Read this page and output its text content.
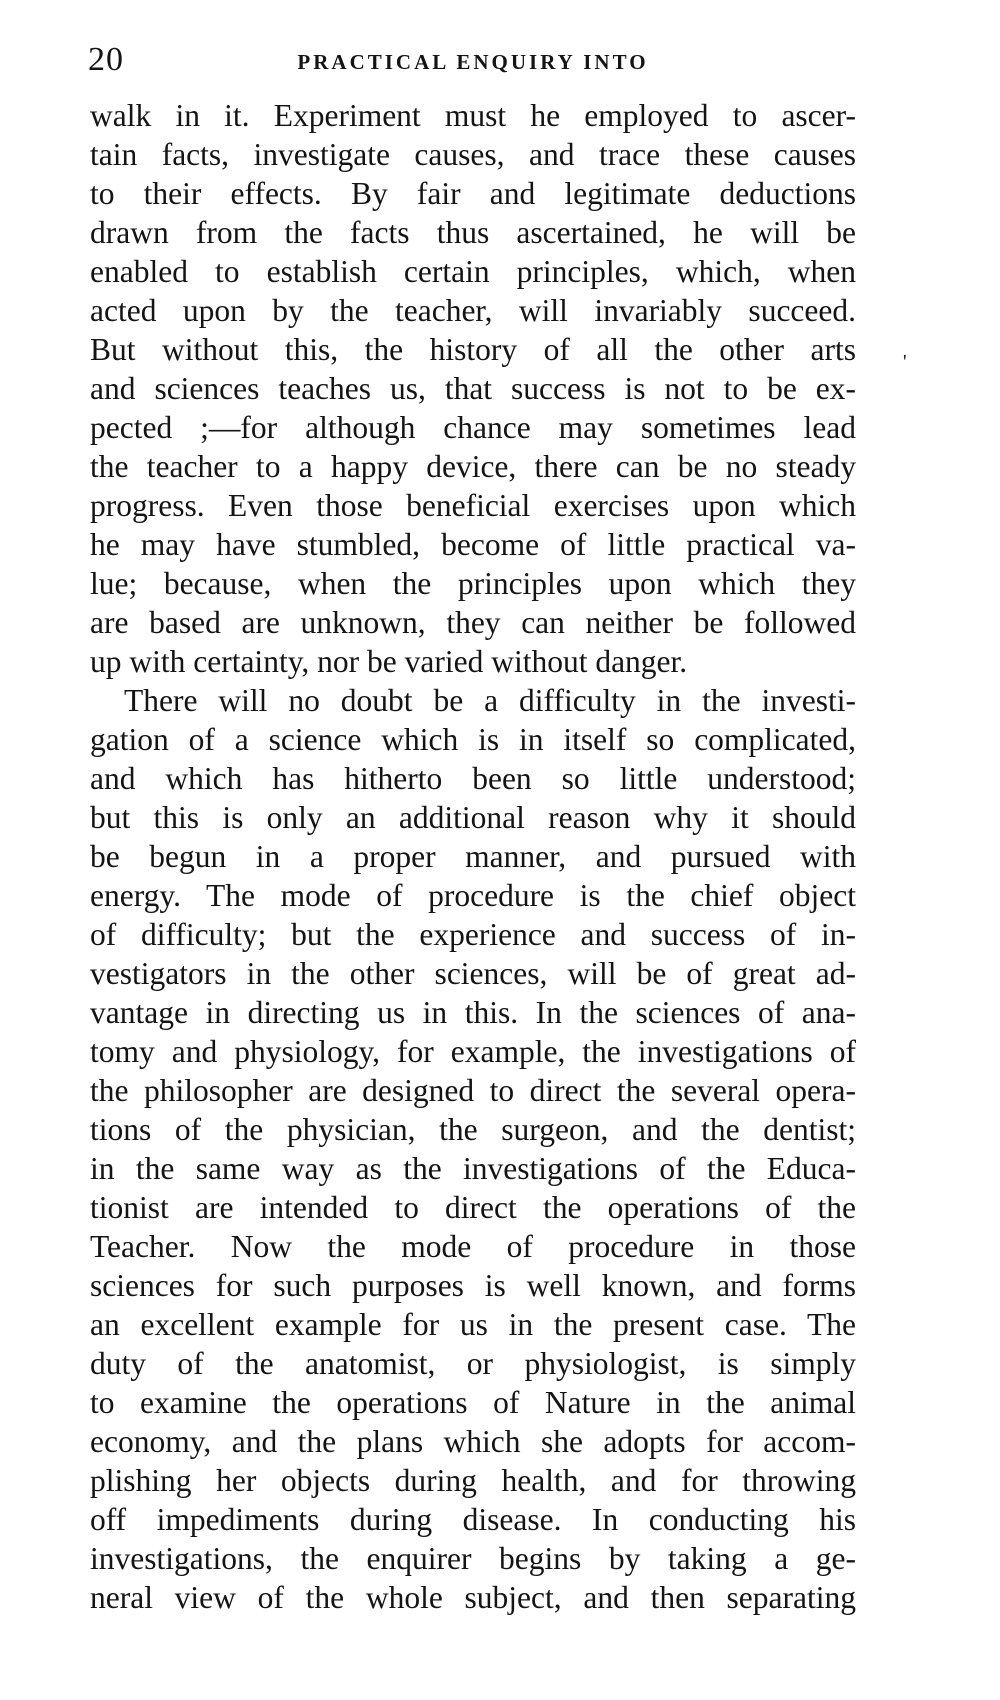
20	PRACTICAL ENQUIRY INTO
walk in it. Experiment must he employed to ascer-
tain facts, investigate causes, and trace these causes
to their effects. By fair and legitimate deductions
drawn from the facts thus ascertained, he will be
enabled to establish certain principles, which, when
acted upon by the teacher, will invariably succeed.
But without this, the history of all the other arts
and sciences teaches us, that success is not to be ex-
pected ;—for although chance may sometimes lead
the teacher to a happy device, there can be no steady
progress. Even those beneficial exercises upon which
he may have stumbled, become of little practical va-
lue; because, when the principles upon which they
are based are unknown, they can neither be followed
up with certainty, nor be varied without danger.
There will no doubt be a difficulty in the investi-
gation of a science which is in itself so complicated,
and which has hitherto been so little understood;
but this is only an additional reason why it should
be begun in a proper manner, and pursued with
energy. The mode of procedure is the chief object
of difficulty; but the experience and success of in-
vestigators in the other sciences, will be of great ad-
vantage in directing us in this. In the sciences of ana-
tomy and physiology, for example, the investigations of
the philosopher are designed to direct the several opera-
tions of the physician, the surgeon, and the dentist;
in the same way as the investigations of the Educa-
tionist are intended to direct the operations of the
Teacher. Now the mode of procedure in those
sciences for such purposes is well known, and forms
an excellent example for us in the present case. The
duty of the anatomist, or physiologist, is simply
to examine the operations of Nature in the animal
economy, and the plans which she adopts for accom-
plishing her objects during health, and for throwing
off impediments during disease. In conducting his
investigations, the enquirer begins by taking a ge-
neral view of the whole subject, and then separating
'
